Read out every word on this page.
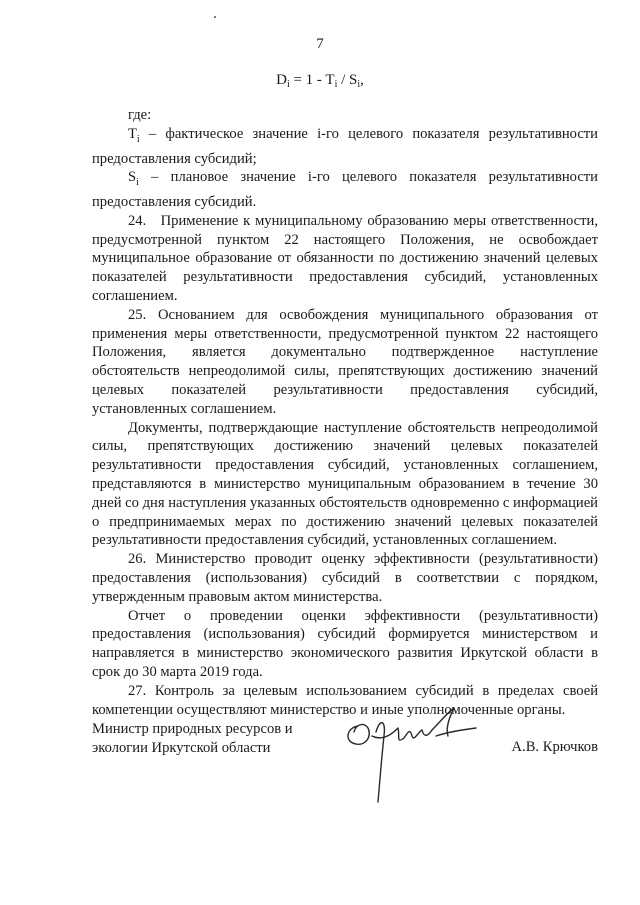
7
$D_i = 1 - T_i / S_i$,

где:

$T_i$ – фактическое значение i-го целевого показателя результативности предоставления субсидий;

$S_i$ – плановое значение i-го целевого показателя результативности предоставления субсидий.

24.   Применение к муниципальному образованию меры ответственности, предусмотренной пунктом 22 настоящего Положения, не освобождает муниципальное образование от обязанности по достижению значений целевых показателей результативности предоставления субсидий, установленных соглашением.

25. Основанием для освобождения муниципального образования от применения меры ответственности, предусмотренной пунктом 22 настоящего Положения, является документально подтвержденное наступление обстоятельств непреодолимой силы, препятствующих достижению значений целевых показателей результативности предоставления субсидий, установленных соглашением.

Документы, подтверждающие наступление обстоятельств непреодолимой силы, препятствующих достижению значений целевых показателей результативности предоставления субсидий, установленных соглашением, представляются в министерство муниципальным образованием в течение 30 дней со дня наступления указанных обстоятельств одновременно с информацией о предпринимаемых мерах по достижению значений целевых показателей результативности предоставления субсидий, установленных соглашением.

26. Министерство проводит оценку эффективности (результативности) предоставления (использования) субсидий в соответствии с порядком, утвержденным правовым актом министерства.

Отчет о проведении оценки эффективности (результативности) предоставления (использования) субсидий формируется министерством и направляется в министерство экономического развития Иркутской области в срок до 30 марта 2019 года.

27. Контроль за целевым использованием субсидий в пределах своей компетенции осуществляют министерство и иные уполномоченные органы.

Министр природных ресурсов и
экологии Иркутской области	А.В. Крючков
